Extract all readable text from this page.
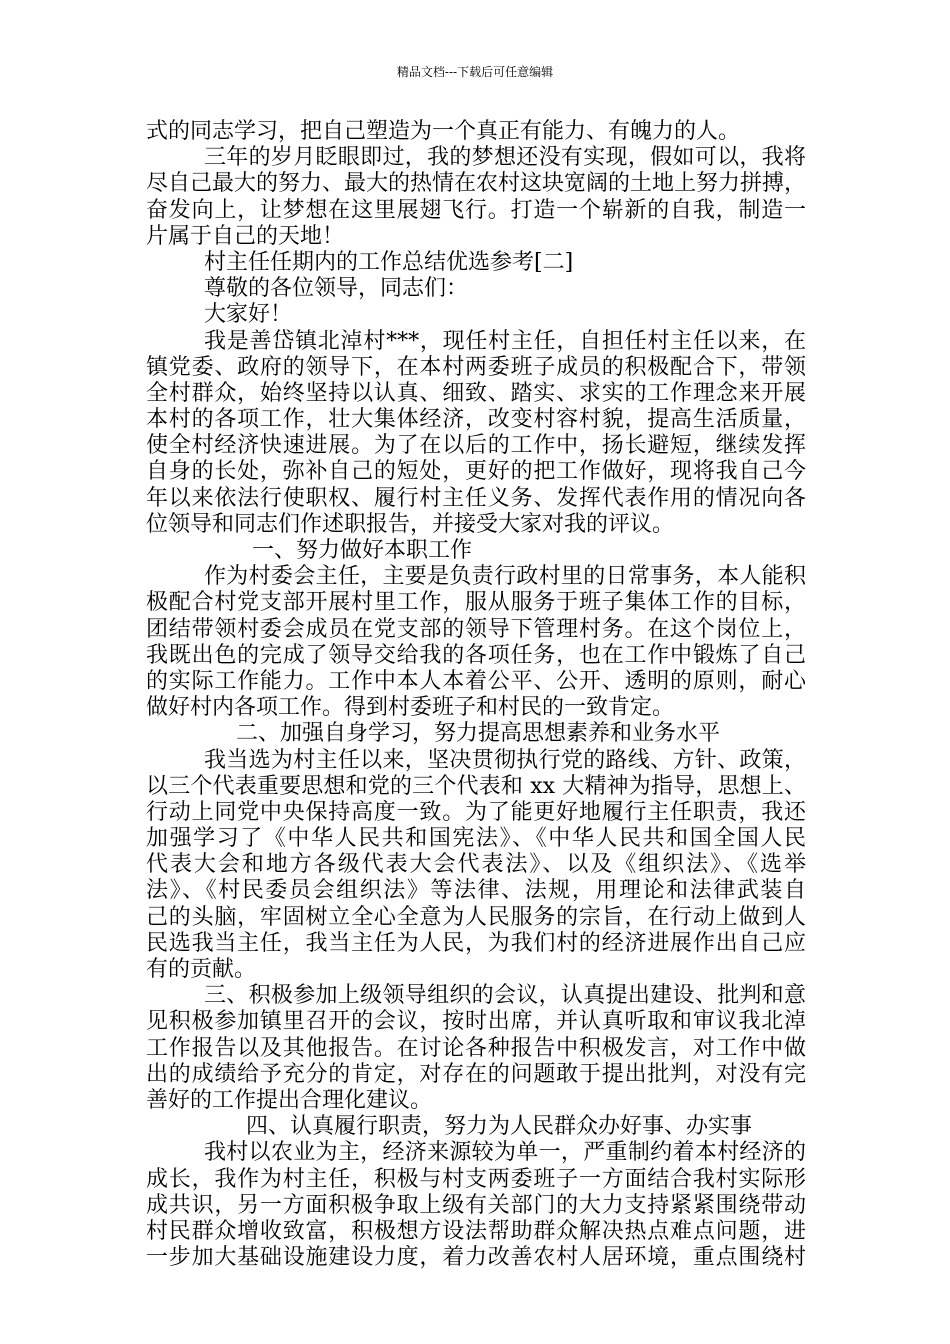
精品文档---下载后可任意编辑
式的同志学习，把自己塑造为一个真正有能力、有魄力的人。
三年的岁月眨眼即过，我的梦想还没有实现，假如可以，我将
尽自己最大的努力、最大的热情在农村这块宽阔的土地上努力拼搏，
奋发向上，让梦想在这里展翅飞行。打造一个崭新的自我，制造一
片属于自己的天地！
村主任任期内的工作总结优选参考[二]
尊敬的各位领导，同志们：
大家好！
我是善岱镇北淖村***，现任村主任，自担任村主任以来，在
镇党委、政府的领导下，在本村两委班子成员的积极配合下，带领
全村群众，始终坚持以认真、细致、踏实、求实的工作理念来开展
本村的各项工作，壮大集体经济，改变村容村貌，提高生活质量，
使全村经济快速进展。为了在以后的工作中，扬长避短，继续发挥
自身的长处，弥补自己的短处，更好的把工作做好，现将我自己今
年以来依法行使职权、履行村主任义务、发挥代表作用的情况向各
位领导和同志们作述职报告，并接受大家对我的评议。
一、努力做好本职工作
作为村委会主任，主要是负责行政村里的日常事务，本人能积
极配合村党支部开展村里工作，服从服务于班子集体工作的目标，
团结带领村委会成员在党支部的领导下管理村务。在这个岗位上，
我既出色的完成了领导交给我的各项任务，也在工作中锻炼了自己
的实际工作能力。工作中本人本着公平、公开、透明的原则，耐心
做好村内各项工作。得到村委班子和村民的一致肯定。
二、加强自身学习，努力提高思想素养和业务水平
我当选为村主任以来，坚决贯彻执行党的路线、方针、政策，
以三个代表重要思想和党的三个代表和 xx 大精神为指导，思想上、
行动上同党中央保持高度一致。为了能更好地履行主任职责，我还
加强学习了《中华人民共和国宪法》、《中华人民共和国全国人民
代表大会和地方各级代表大会代表法》、以及《组织法》、《选举
法》、《村民委员会组织法》等法律、法规，用理论和法律武装自
己的头脑，牢固树立全心全意为人民服务的宗旨，在行动上做到人
民选我当主任，我当主任为人民，为我们村的经济进展作出自己应
有的贡献。
三、积极参加上级领导组织的会议，认真提出建设、批判和意
见积极参加镇里召开的会议，按时出席，并认真听取和审议我北淖
工作报告以及其他报告。在讨论各种报告中积极发言，对工作中做
出的成绩给予充分的肯定，对存在的问题敢于提出批判，对没有完
善好的工作提出合理化建议。
四、认真履行职责，努力为人民群众办好事、办实事
我村以农业为主，经济来源较为单一，严重制约着本村经济的
成长，我作为村主任，积极与村支两委班子一方面结合我村实际形
成共识，另一方面积极争取上级有关部门的大力支持紧紧围绕带动
村民群众增收致富，积极想方设法帮助群众解决热点难点问题，进
一步加大基础设施建设力度，着力改善农村人居环境，重点围绕村
